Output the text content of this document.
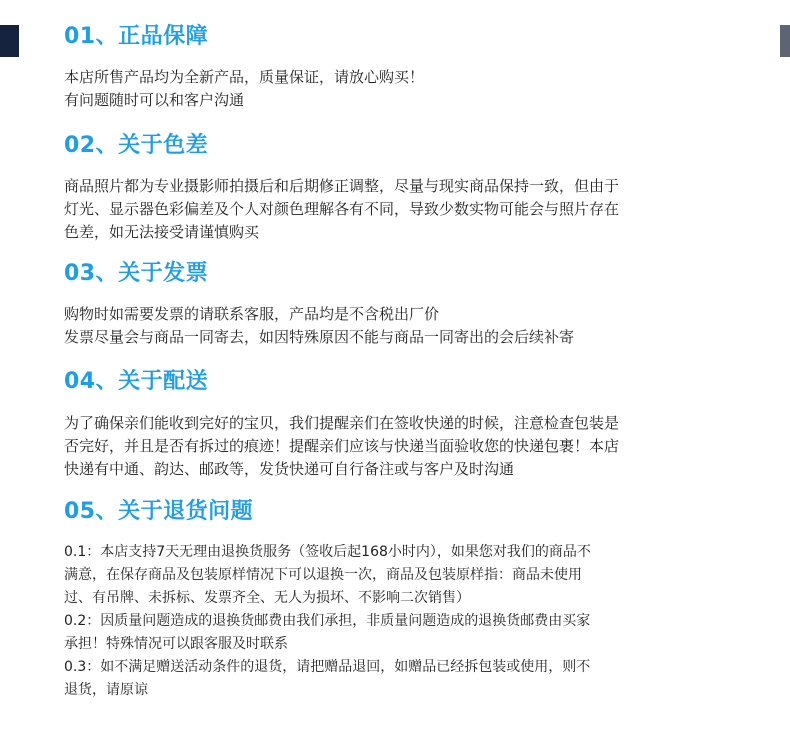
01、正品保障
本店所售产品均为全新产品，质量保证，请放心购买！
有问题随时可以和客户沟通
02、关于色差
商品照片都为专业摄影师拍摄后和后期修正调整，尽量与现实商品保持一致，但由于
灯光、显示器色彩偏差及个人对颜色理解各有不同，导致少数实物可能会与照片存在
色差，如无法接受请谨慎购买
03、关于发票
购物时如需要发票的请联系客服，产品均是不含税出厂价
发票尽量会与商品一同寄去，如因特殊原因不能与商品一同寄出的会后续补寄
04、关于配送
为了确保亲们能收到完好的宝贝，我们提醒亲们在签收快递的时候，注意检查包装是
否完好，并且是否有拆过的痕迹！提醒亲们应该与快递当面验收您的快递包裹！本店
快递有中通、韵达、邮政等，发货快递可自行备注或与客户及时沟通
05、关于退货问题
0.1：本店支持7天无理由退换货服务（签收后起168小时内），如果您对我们的商品不
满意，在保存商品及包装原样情况下可以退换一次，商品及包装原样指：商品未使用
过、有吊牌、未拆标、发票齐全、无人为损坏、不影响二次销售）
0.2：因质量问题造成的退换货邮费由我们承担，非质量问题造成的退换货邮费由买家
承担！特殊情况可以跟客服及时联系
0.3：如不满足赠送活动条件的退货，请把赠品退回，如赠品已经拆包装或使用，则不
退货，请原谅
